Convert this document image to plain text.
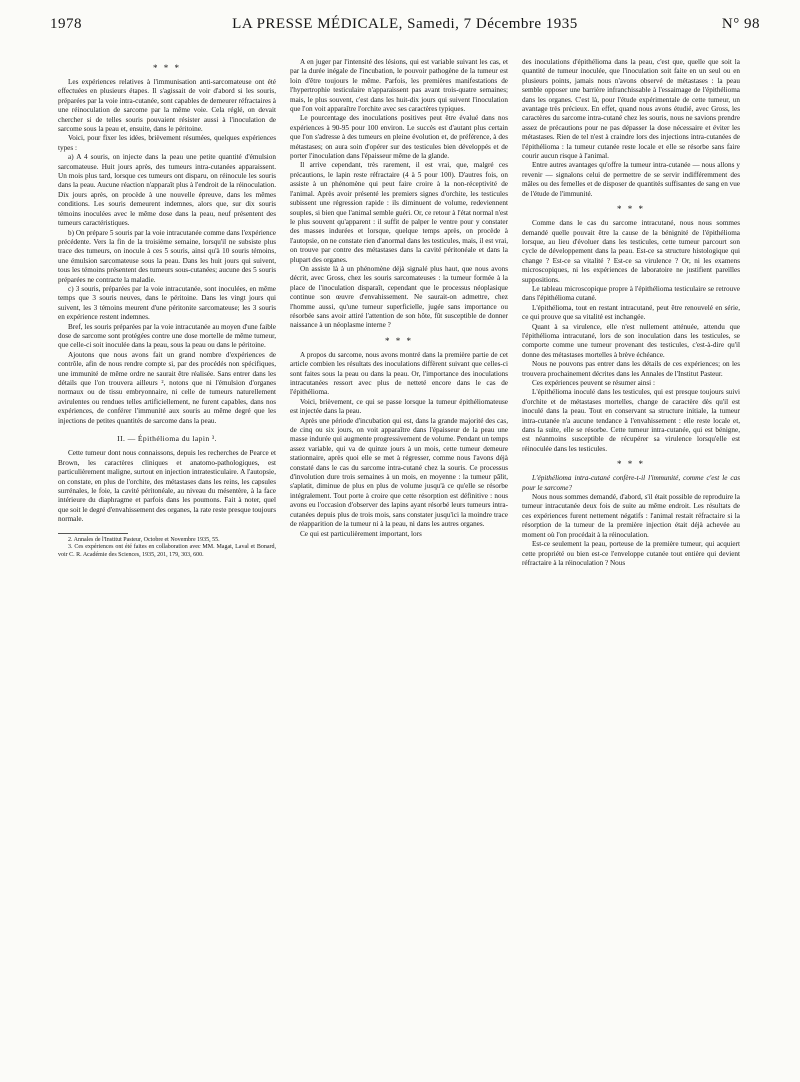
1978	LA PRESSE MÉDICALE, Samedi, 7 Décembre 1935	N° 98
* * *

Les expériences relatives à l'immunisation anti-sarcomateuse ont été effectuées en plusieurs étapes. Il s'agissait de voir d'abord si les souris, préparées par la voie intra-cutanée, sont capables de demeurer réfractaires à une réinoculation de sarcome par la même voie. Cela réglé, on devait chercher si de telles souris pouvaient résister aussi à l'inoculation de sarcome sous la peau et, ensuite, dans le péritoine.

Voici, pour fixer les idées, brièvement résumées, quelques expériences types :

a) A 4 souris, on injecte dans la peau une petite quantité d'émulsion sarcomateuse. Huit jours après, des tumeurs intra-cutanées apparaissent. Un mois plus tard, lorsque ces tumeurs ont disparu, on réinocule les souris dans la peau. Aucune réaction n'apparaît plus à l'endroit de la réinoculation. Dix jours après, on procède à une nouvelle épreuve, dans les mêmes conditions. Les souris demeurent indemnes, alors que, sur dix souris témoins inoculées avec le même dose dans la peau, neuf présentent des tumeurs caractéristiques.

b) On prépare 5 souris par la voie intracutanée comme dans l'expérience précédente. Vers la fin de la troisième semaine, lorsqu'il ne subsiste plus trace des tumeurs, on inocule à ces 5 souris, ainsi qu'à 10 souris témoins, une émulsion sarcomateuse sous la peau. Dans les huit jours qui suivent, tous les témoins présentent des tumeurs sous-cutanées; aucune des 5 souris préparées ne contracte la maladie.

c) 3 souris, préparées par la voie intracutanée, sont inoculées, en même temps que 3 souris neuves, dans le péritoine. Dans les vingt jours qui suivent, les 3 témoins meurent d'une péritonite sarcomateuse; les 3 souris en expérience restent indemnes.

Bref, les souris préparées par la voie intracutanée au moyen d'une faible dose de sarcome sont protégées contre une dose mortelle de même tumeur, que celle-ci soit inoculée dans la peau, sous la peau ou dans le péritoine.

Ajoutons que nous avons fait un grand nombre d'expériences de contrôle, afin de nous rendre compte si, par des procédés non spécifiques, une immunité de même ordre ne saurait être réalisée. Sans entrer dans les détails que l'on trouvera ailleurs ², notons que ni l'émulsion d'organes normaux ou de tissu embryonnaire, ni celle de tumeurs naturellement avirulentes ou rendues telles artificiellement, ne furent capables, dans nos expériences, de conférer l'immunité aux souris au même degré que les injections de petites quantités de sarcome dans la peau.

II. — Épithélioma du lapin ³.

Cette tumeur dont nous connaissons, depuis les recherches de Pearce et Brown, les caractères cliniques et anatomo-pathologiques, est particulièrement maligne, surtout en injection intratesticulaire. A l'autopsie, on constate, en plus de l'orchite, des métastases dans les reins, les capsules surrénales, le foie, la cavité péritonéale, au niveau du mésentère, à la face intérieure du diaphragme et parfois dans les poumons. Fait à noter, quel que soit le degré d'envahissement des organes, la rate reste presque toujours normale.

2. Annales de l'Institut Pasteur, Octobre et Novembre 1935, 55.

3. Ces expériences ont été faites en collaboration avec MM. Magat, Laval et Bonard, voir C. R. Académie des Sciences, 1935, 201, 179, 303, 600.

A en juger par l'intensité des lésions, qui est variable suivant les cas, et par la durée inégale de l'incubation, le pouvoir pathogène de la tumeur est loin d'être toujours le même. Parfois, les premières manifestations de l'hypertrophie testiculaire n'apparaissent pas avant trois-quatre semaines; mais, le plus souvent, c'est dans les huit-dix jours qui suivent l'inoculation que l'on voit apparaître l'orchite avec ses caractères typiques.

Le pourcentage des inoculations positives peut être évalué dans nos expériences à 90-95 pour 100 environ. Le succès est d'autant plus certain que l'on s'adresse à des tumeurs en pleine évolution et, de préférence, à des métastases; on aura soin d'opérer sur des testicules bien développés et de porter l'inoculation dans l'épaisseur même de la glande.

Il arrive cependant, très rarement, il est vrai, que, malgré ces précautions, le lapin reste réfractaire (4 à 5 pour 100). D'autres fois, on assiste à un phénomène qui peut faire croire à la non-réceptivité de l'animal. Après avoir présenté les premiers signes d'orchite, les testicules subissent une régression rapide : ils diminuent de volume, redeviennent souples, si bien que l'animal semble guéri. Or, ce retour à l'état normal n'est le plus souvent qu'apparent : il suffit de palper le ventre pour y constater des masses indurées et lorsque, quelque temps après, on procède à l'autopsie, on ne constate rien d'anormal dans les testicules, mais, il est vrai, on trouve par contre des métastases dans la cavité péritonéale et dans la plupart des organes.

On assiste là à un phénomène déjà signalé plus haut, que nous avons décrit, avec Gross, chez les souris sarcomateuses : la tumeur formée à la place de l'inoculation disparaît, cependant que le processus néoplasique continue son œuvre d'envahissement. Ne saurait-on admettre, chez l'homme aussi, qu'une tumeur superficielle, jugée sans importance ou résorbée sans avoir attiré l'attention de son hôte, fût susceptible de donner naissance à un néoplasme interne ?

* * *

A propos du sarcome, nous avons montré dans la première partie de cet article combien les résultats des inoculations diffèrent suivant que celles-ci sont faites sous la peau ou dans la peau. Or, l'importance des inoculations intracutanées ressort avec plus de netteté encore dans le cas de l'épithélioma.

Voici, brièvement, ce qui se passe lorsque la tumeur épithéliomateuse est injectée dans la peau.

Après une période d'incubation qui est, dans la grande majorité des cas, de cinq ou six jours, on voit apparaître dans l'épaisseur de la peau une masse indurée qui augmente progressivement de volume. Pendant un temps assez variable, qui va de quinze jours à un mois, cette tumeur demeure stationnaire, après quoi elle se met à régresser, comme nous l'avons déjà constaté dans le cas du sarcome intra-cutané chez la souris. Ce processus d'involution dure trois semaines à un mois, en moyenne : la tumeur pâlit, s'aplatit, diminue de plus en plus de volume jusqu'à ce qu'elle se résorbe intégralement. Tout porte à croire que cette résorption est définitive : nous avons eu l'occasion d'observer des lapins ayant résorbé leurs tumeurs intra-cutanées depuis plus de trois mois, sans constater jusqu'ici la moindre trace de réapparition de la tumeur ni à la peau, ni dans les autres organes.

Ce qui est particulièrement important, lors

des inoculations d'épithélioma dans la peau, c'est que, quelle que soit la quantité de tumeur inoculée, que l'inoculation soit faite en un seul ou en plusieurs points, jamais nous n'avons observé de métastases : la peau semble opposer une barrière infranchissable à l'essaimage de l'épithélioma dans les organes. C'est là, pour l'étude expérimentale de cette tumeur, un avantage très précieux. En effet, quand nous avons étudié, avec Gross, les caractères du sarcome intra-cutané chez les souris, nous ne savions prendre assez de précautions pour ne pas dépasser la dose nécessaire et éviter les métastases. Rien de tel n'est à craindre lors des injections intra-cutanées de l'épithélioma : la tumeur cutanée reste locale et elle se résorbe sans faire courir aucun risque à l'animal.

Entre autres avantages qu'offre la tumeur intra-cutanée — nous allons y revenir — signalons celui de permettre de se servir indifféremment des mâles ou des femelles et de disposer de quantités suffisantes de sang en vue de l'étude de l'immunité.

* * *

Comme dans le cas du sarcome intracutané, nous nous sommes demandé quelle pouvait être la cause de la bénignité de l'épithélioma lorsque, au lieu d'évoluer dans les testicules, cette tumeur parcourt son cycle de développement dans la peau. Est-ce sa structure histologique qui change ? Est-ce sa vitalité ? Est-ce sa virulence ? Or, ni les examens microscopiques, ni les expériences de laboratoire ne justifient pareilles suppositions.

Le tableau microscopique propre à l'épithélioma testiculaire se retrouve dans l'épithélioma cutané.

L'épithélioma, tout en restant intracutané, peut être renouvelé en série, ce qui prouve que sa vitalité est inchangée.

Quant à sa virulence, elle n'est nullement atténuée, attendu que l'épithélioma intracutané, lors de son inoculation dans les testicules, se comporte comme une tumeur provenant des testicules, c'est-à-dire qu'il donne des métastases mortelles à brève échéance.

Nous ne pouvons pas entrer dans les détails de ces expériences; on les trouvera prochainement décrites dans les Annales de l'Institut Pasteur.

Ces expériences peuvent se résumer ainsi :

L'épithélioma inoculé dans les testicules, qui est presque toujours suivi d'orchite et de métastases mortelles, change de caractère dès qu'il est inoculé dans la peau. Tout en conservant sa structure initiale, la tumeur intra-cutanée n'a aucune tendance à l'envahissement : elle reste locale et, dans la suite, elle se résorbe. Cette tumeur intra-cutanée, qui est bénigne, est néanmoins susceptible de récupérer sa virulence lorsqu'elle est réinoculée dans les testicules.

* * *

L'épithélioma intra-cutané confère-t-il l'immunité, comme c'est le cas pour le sarcome?

Nous nous sommes demandé, d'abord, s'il était possible de reproduire la tumeur intracutanée deux fois de suite au même endroit. Les résultats de ces expériences furent nettement négatifs : l'animal restait réfractaire si la résorption de la tumeur de la première injection était déjà achevée au moment où l'on procédait à la réinoculation.

Est-ce seulement la peau, porteuse de la première tumeur, qui acquiert cette propriété ou bien est-ce l'enveloppe cutanée tout entière qui devient réfractaire à la réinoculation ? Nous
